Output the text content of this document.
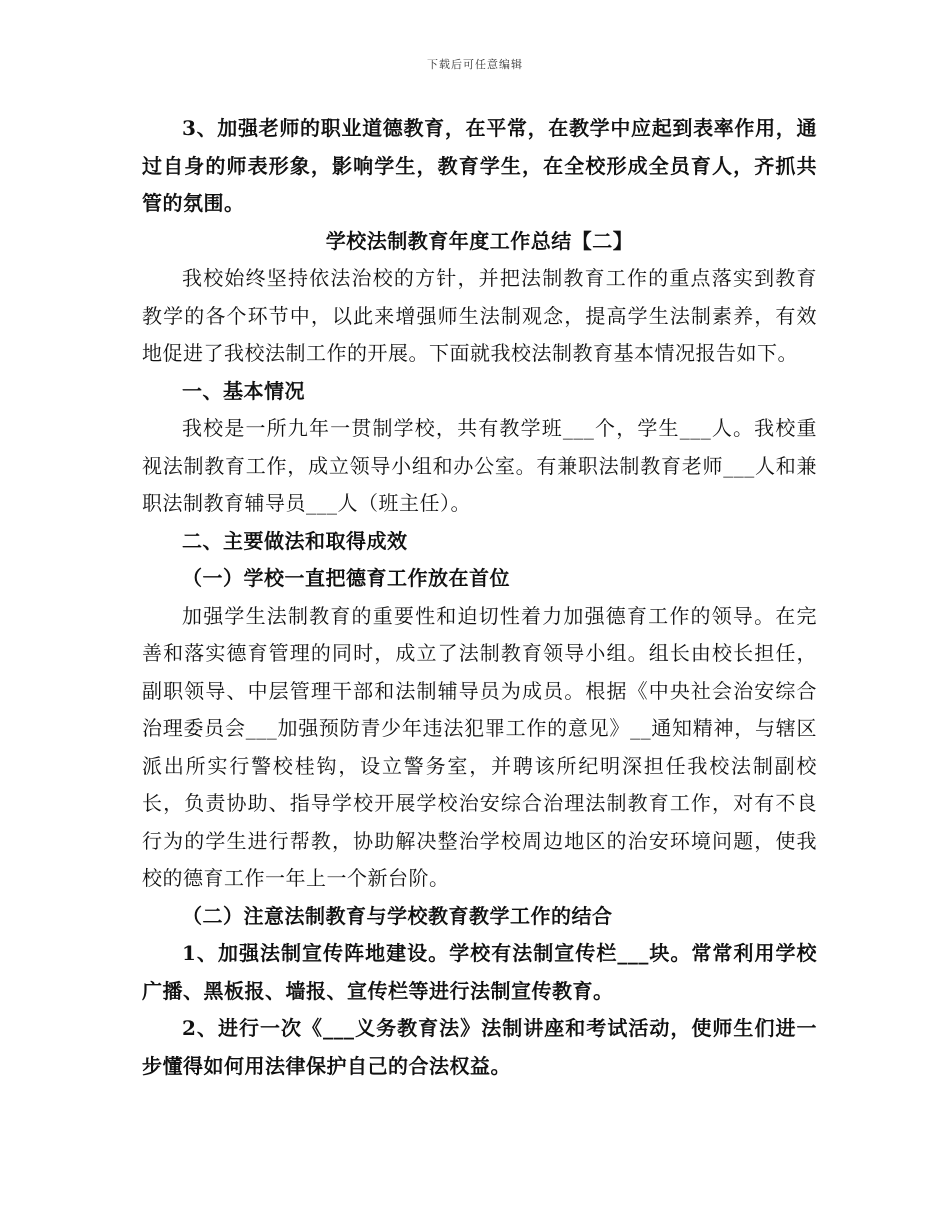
下载后可任意编辑

3、加强老师的职业道德教育，在平常，在教学中应起到表率作用，通过自身的师表形象，影响学生，教育学生，在全校形成全员育人，齐抓共管的氛围。

学校法制教育年度工作总结【二】

我校始终坚持依法治校的方针，并把法制教育工作的重点落实到教育教学的各个环节中，以此来增强师生法制观念，提高学生法制素养，有效地促进了我校法制工作的开展。下面就我校法制教育基本情况报告如下。

一、基本情况

我校是一所九年一贯制学校，共有教学班___个，学生___人。我校重视法制教育工作，成立领导小组和办公室。有兼职法制教育老师___人和兼职法制教育辅导员___人（班主任）。

二、主要做法和取得成效

（一）学校一直把德育工作放在首位

加强学生法制教育的重要性和迫切性着力加强德育工作的领导。在完善和落实德育管理的同时，成立了法制教育领导小组。组长由校长担任，副职领导、中层管理干部和法制辅导员为成员。根据《中央社会治安综合治理委员会___加强预防青少年违法犯罪工作的意见》__通知精神，与辖区派出所实行警校桂钩，设立警务室，并聘该所纪明深担任我校法制副校长，负责协助、指导学校开展学校治安综合治理法制教育工作，对有不良行为的学生进行帮教，协助解决整治学校周边地区的治安环境问题，使我校的德育工作一年上一个新台阶。

（二）注意法制教育与学校教育教学工作的结合

1、加强法制宣传阵地建设。学校有法制宣传栏___块。常常利用学校广播、黑板报、墙报、宣传栏等进行法制宣传教育。

2、进行一次《___义务教育法》法制讲座和考试活动，使师生们进一步懂得如何用法律保护自己的合法权益。
